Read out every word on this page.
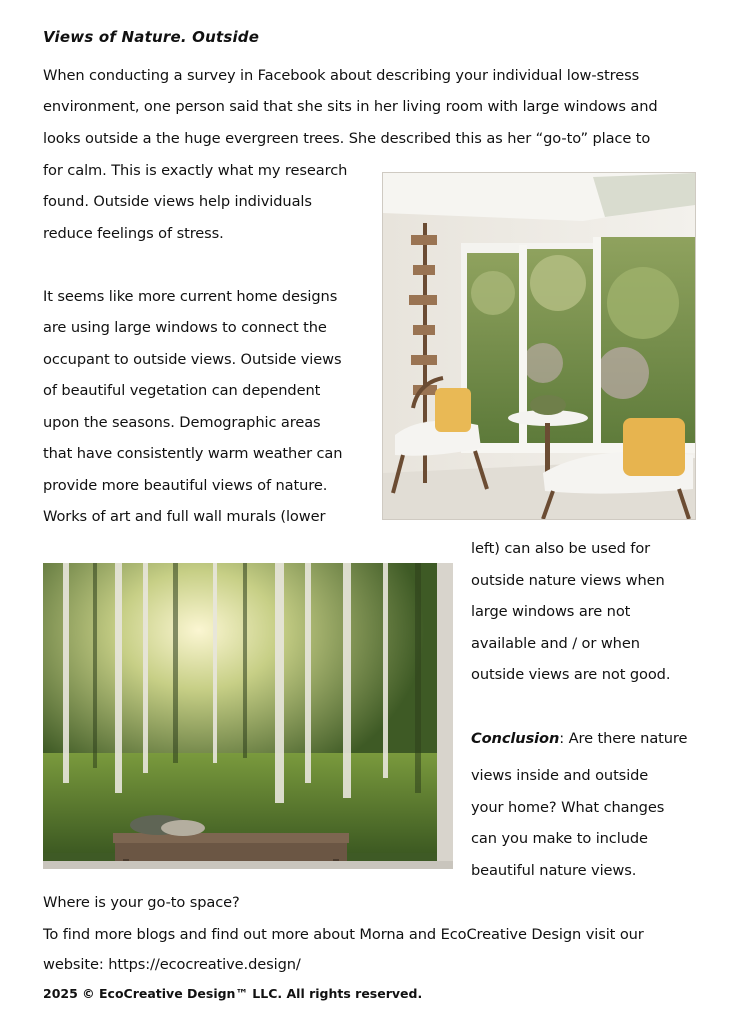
Views of Nature. Outside
When conducting a survey in Facebook about describing your individual low-stress
environment, one person said that she sits in her living room with large windows and
looks outside a the huge evergreen trees. She described this as her “go-to” place to
for calm. This is exactly what my research
found. Outside views help individuals
reduce feelings of stress.
It seems like more current home designs
are using large windows to connect the
occupant to outside views. Outside views
of beautiful vegetation can dependent
upon the seasons. Demographic areas
that have consistently warm weather can
provide more beautiful views of nature.
Works of art and full wall murals (lower
left) can also be used for
outside nature views when
large windows are not
available and / or when
outside views are not good.
Conclusion: Are there nature
views inside and outside
your home? What changes
can you make to include
beautiful nature views.
Where is your go-to space?
To find more blogs and find out more about Morna and EcoCreative Design visit our
website: https://ecocreative.design/
2025 © EcoCreative Design™ LLC. All rights reserved.
